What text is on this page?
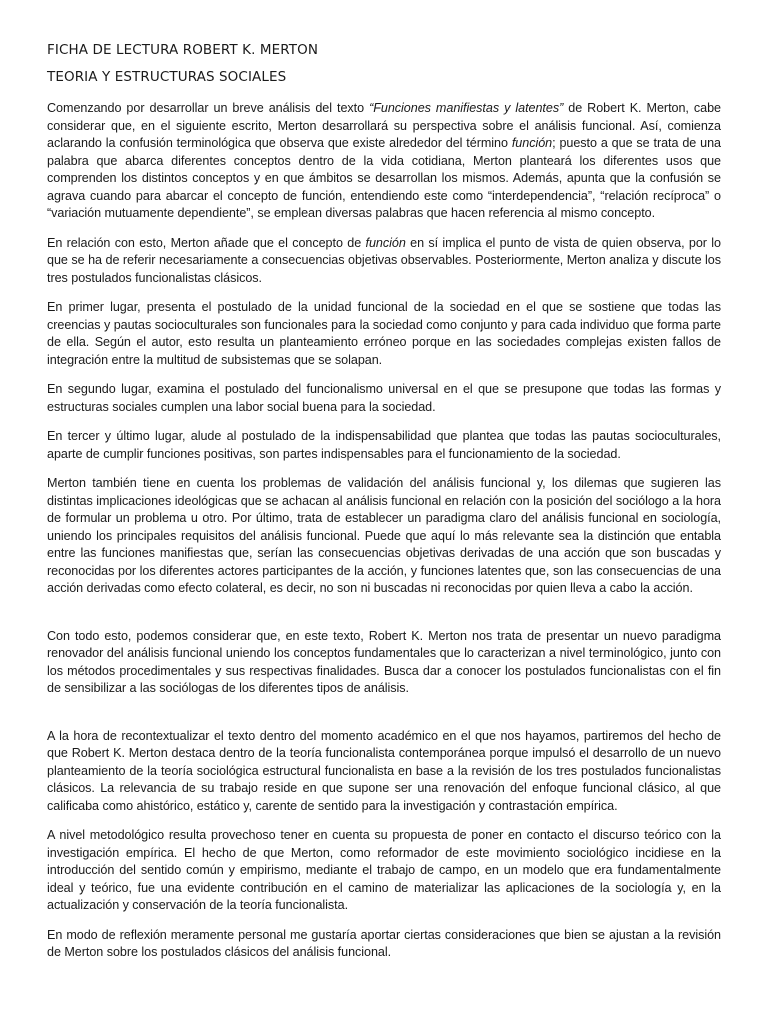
FICHA DE LECTURA ROBERT K. MERTON
TEORIA Y ESTRUCTURAS SOCIALES

Comenzando por desarrollar un breve análisis del texto “Funciones manifiestas y latentes” de Robert K. Merton, cabe considerar que, en el siguiente escrito, Merton desarrollará su perspectiva sobre el análisis funcional. Así, comienza aclarando la confusión terminológica que observa que existe alrededor del término función; puesto a que se trata de una palabra que abarca diferentes conceptos dentro de la vida cotidiana, Merton planteará los diferentes usos que comprenden los distintos conceptos y en que ámbitos se desarrollan los mismos. Además, apunta que la confusión se agrava cuando para abarcar el concepto de función, entendiendo este como “interdependencia”, “relación recíproca” o “variación mutuamente dependiente”, se emplean diversas palabras que hacen referencia al mismo concepto.

En relación con esto, Merton añade que el concepto de función en sí implica el punto de vista de quien observa, por lo que se ha de referir necesariamente a consecuencias objetivas observables. Posteriormente, Merton analiza y discute los tres postulados funcionalistas clásicos.

En primer lugar, presenta el postulado de la unidad funcional de la sociedad en el que se sostiene que todas las creencias y pautas socioculturales son funcionales para la sociedad como conjunto y para cada individuo que forma parte de ella. Según el autor, esto resulta un planteamiento erróneo porque en las sociedades complejas existen fallos de integración entre la multitud de subsistemas que se solapan.

En segundo lugar, examina el postulado del funcionalismo universal en el que se presupone que todas las formas y estructuras sociales cumplen una labor social buena para la sociedad.

En tercer y último lugar, alude al postulado de la indispensabilidad que plantea que todas las pautas socioculturales, aparte de cumplir funciones positivas, son partes indispensables para el funcionamiento de la sociedad.

Merton también tiene en cuenta los problemas de validación del análisis funcional y, los dilemas que sugieren las distintas implicaciones ideológicas que se achacan al análisis funcional en relación con la posición del sociólogo a la hora de formular un problema u otro. Por último, trata de establecer un paradigma claro del análisis funcional en sociología, uniendo los principales requisitos del análisis funcional. Puede que aquí lo más relevante sea la distinción que entabla entre las funciones manifiestas que, serían las consecuencias objetivas derivadas de una acción que son buscadas y reconocidas por los diferentes actores participantes de la acción, y funciones latentes que, son las consecuencias de una acción derivadas como efecto colateral, es decir, no son ni buscadas ni reconocidas por quien lleva a cabo la acción.

Con todo esto, podemos considerar que, en este texto, Robert K. Merton nos trata de presentar un nuevo paradigma renovador del análisis funcional uniendo los conceptos fundamentales que lo caracterizan a nivel terminológico, junto con los métodos procedimentales y sus respectivas finalidades. Busca dar a conocer los postulados funcionalistas con el fin de sensibilizar a las sociólogas de los diferentes tipos de análisis.

A la hora de recontextualizar el texto dentro del momento académico en el que nos hayamos, partiremos del hecho de que Robert K. Merton destaca dentro de la teoría funcionalista contemporánea porque impulsó el desarrollo de un nuevo planteamiento de la teoría sociológica estructural funcionalista en base a la revisión de los tres postulados funcionalistas clásicos. La relevancia de su trabajo reside en que supone ser una renovación del enfoque funcional clásico, al que calificaba como ahistórico, estático y, carente de sentido para la investigación y contrastación empírica.

A nivel metodológico resulta provechoso tener en cuenta su propuesta de poner en contacto el discurso teórico con la investigación empírica. El hecho de que Merton, como reformador de este movimiento sociológico incidiese en la introducción del sentido común y empirismo, mediante el trabajo de campo, en un modelo que era fundamentalmente ideal y teórico, fue una evidente contribución en el camino de materializar las aplicaciones de la sociología y, en la actualización y conservación de la teoría funcionalista.

En modo de reflexión meramente personal me gustaría aportar ciertas consideraciones que bien se ajustan a la revisión de Merton sobre los postulados clásicos del análisis funcional.
